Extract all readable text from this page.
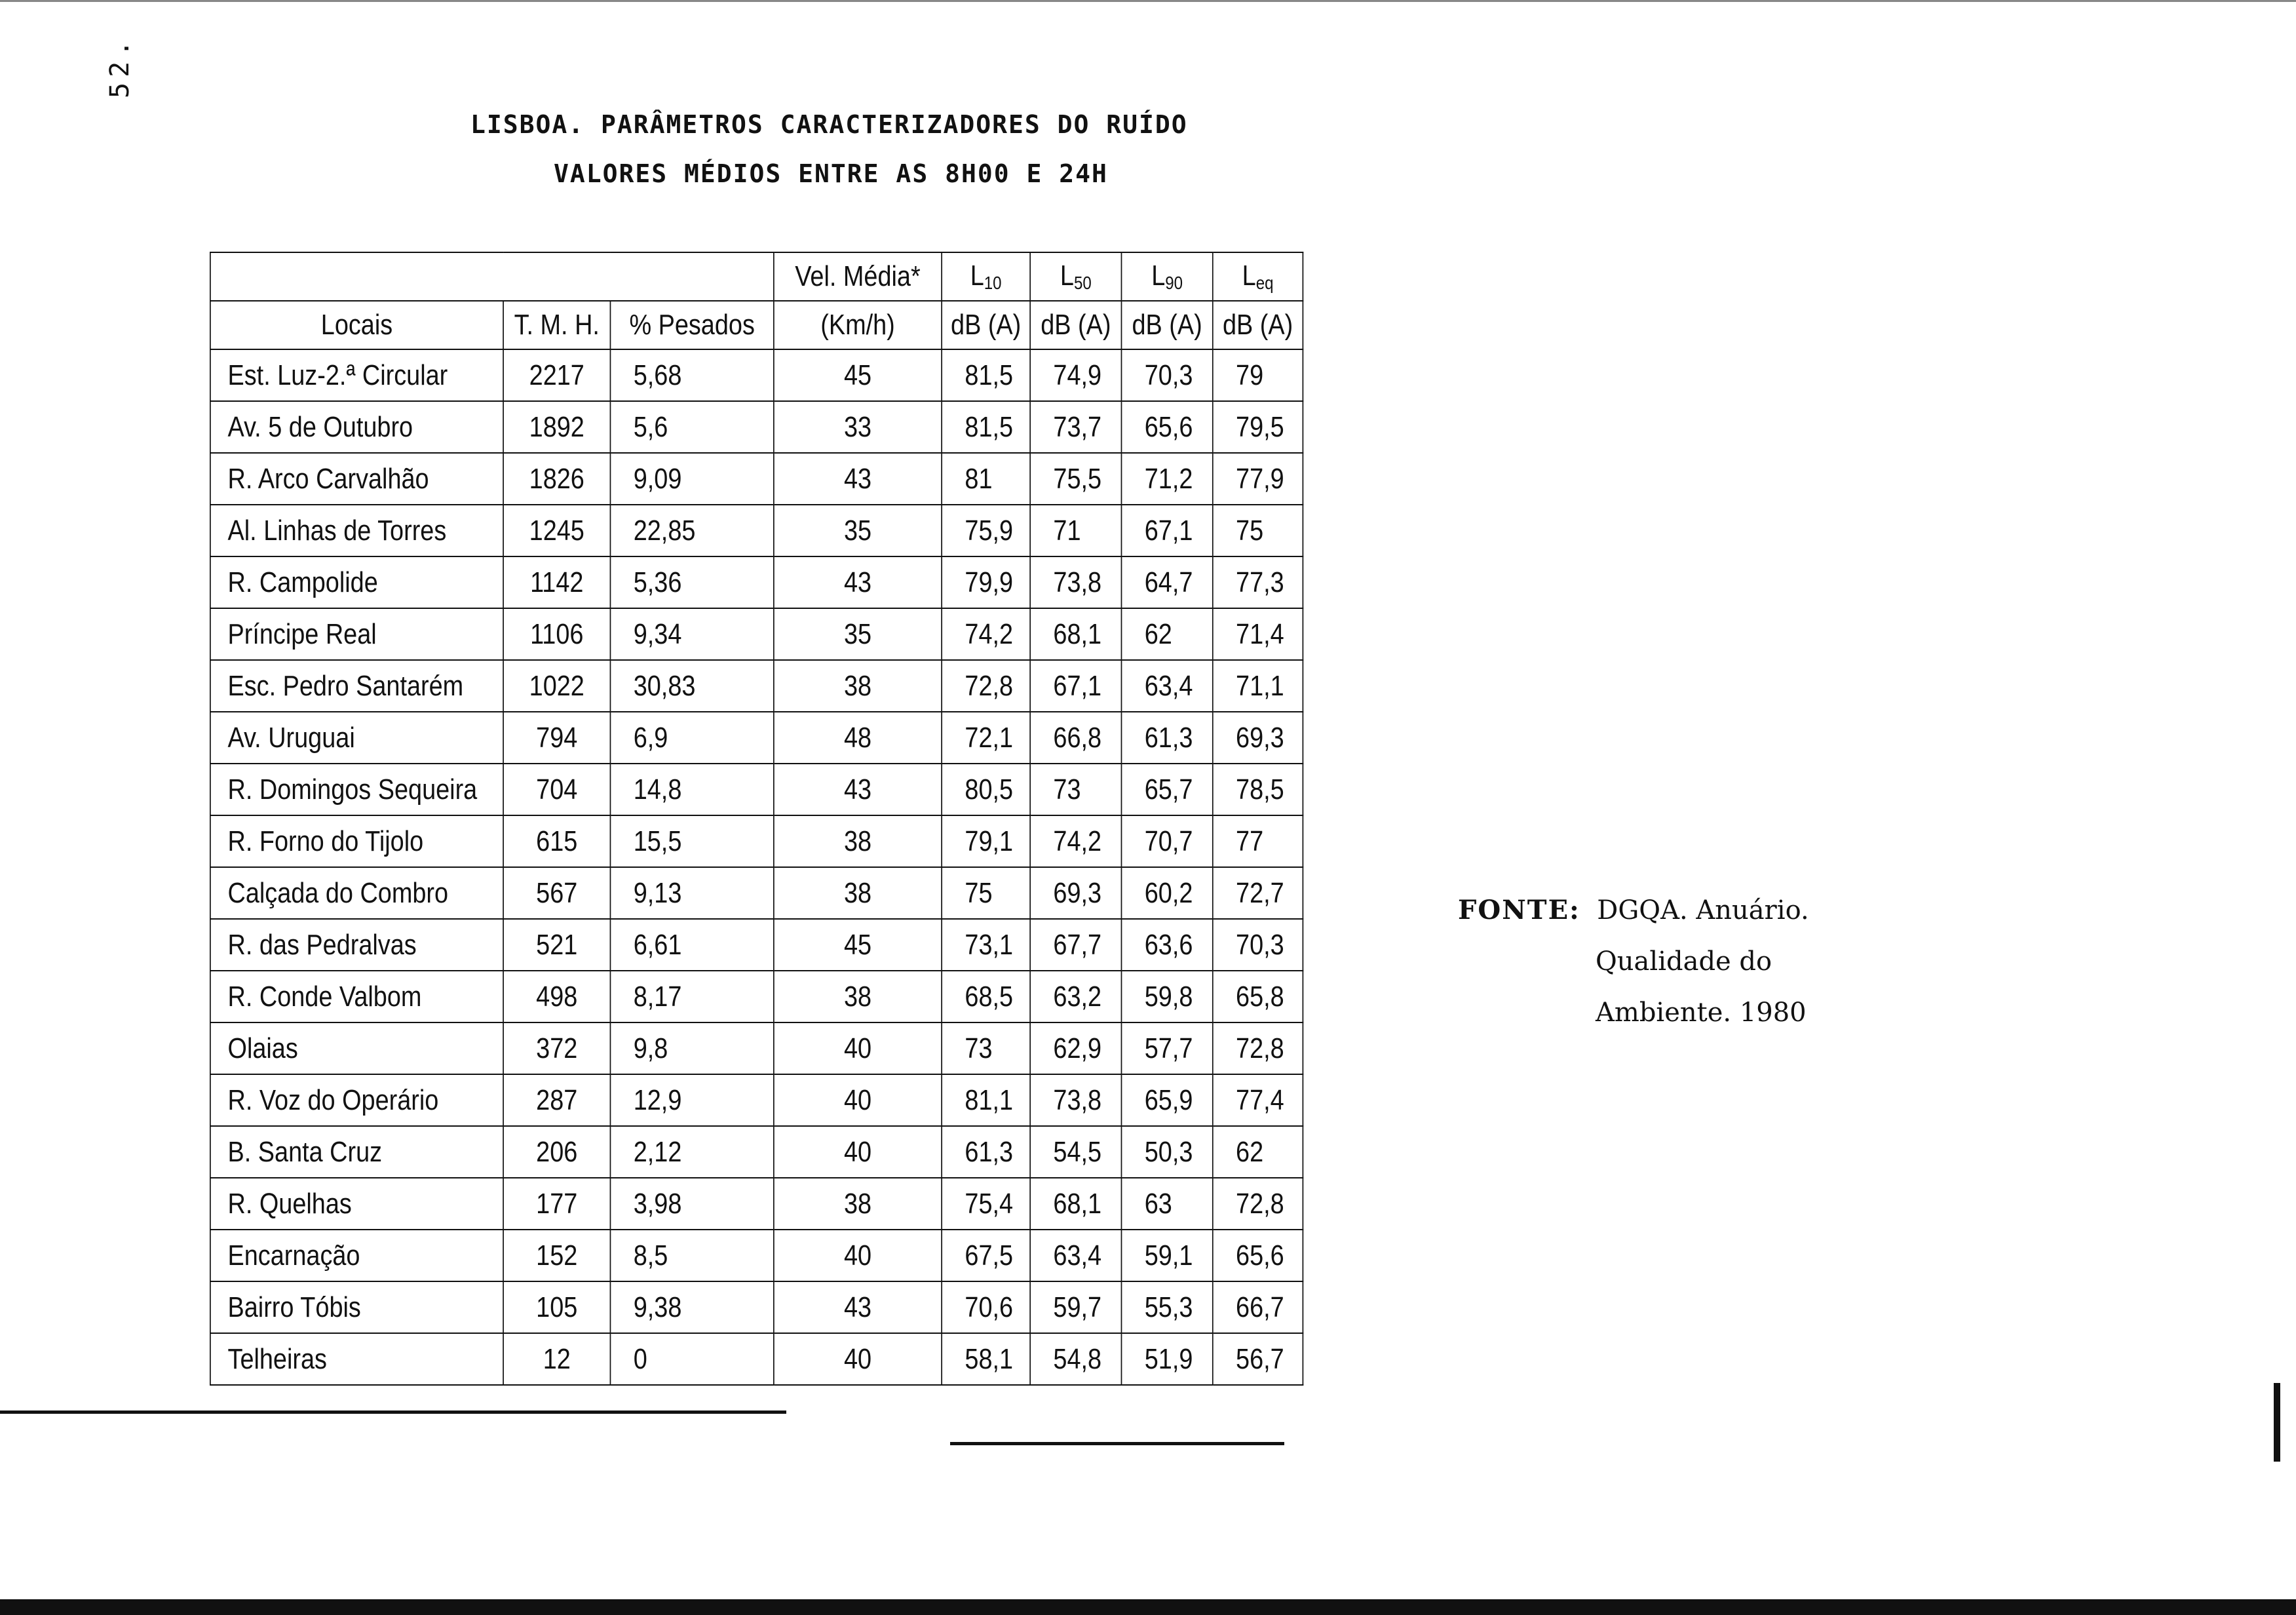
52.
LISBOA. PARÂMETROS CARACTERIZADORES DO RUÍDO
VALORES MÉDIOS ENTRE AS 8H00 E 24H
			Vel. Média*	$L_{10}$	$L_{50}$	$L_{90}$	$L_{eq}$
Locais	T. M. H.	% Pesados	(Km/h)	dB (A)	dB (A)	dB (A)	dB (A)
Est. Luz-2.ª Circular	2217	5,68	45	81,5	74,9	70,3	79
Av. 5 de Outubro	1892	5,6	33	81,5	73,7	65,6	79,5
R. Arco Carvalhão	1826	9,09	43	81	75,5	71,2	77,9
Al. Linhas de Torres	1245	22,85	35	75,9	71	67,1	75
R. Campolide	1142	5,36	43	79,9	73,8	64,7	77,3
Príncipe Real	1106	9,34	35	74,2	68,1	62	71,4
Esc. Pedro Santarém	1022	30,83	38	72,8	67,1	63,4	71,1
Av. Uruguai	794	6,9	48	72,1	66,8	61,3	69,3
R. Domingos Sequeira	704	14,8	43	80,5	73	65,7	78,5
R. Forno do Tijolo	615	15,5	38	79,1	74,2	70,7	77
Calçada do Combro	567	9,13	38	75	69,3	60,2	72,7
R. das Pedralvas	521	6,61	45	73,1	67,7	63,6	70,3
R. Conde Valbom	498	8,17	38	68,5	63,2	59,8	65,8
Olaias	372	9,8	40	73	62,9	57,7	72,8
R. Voz do Operário	287	12,9	40	81,1	73,8	65,9	77,4
B. Santa Cruz	206	2,12	40	61,3	54,5	50,3	62
R. Quelhas	177	3,98	38	75,4	68,1	63	72,8
Encarnação	152	8,5	40	67,5	63,4	59,1	65,6
Bairro Tóbis	105	9,38	43	70,6	59,7	55,3	66,7
Telheiras	12	0	40	58,1	54,8	51,9	56,7
FONTE: DGQA. Anuário.
Qualidade do
Ambiente. 1980
